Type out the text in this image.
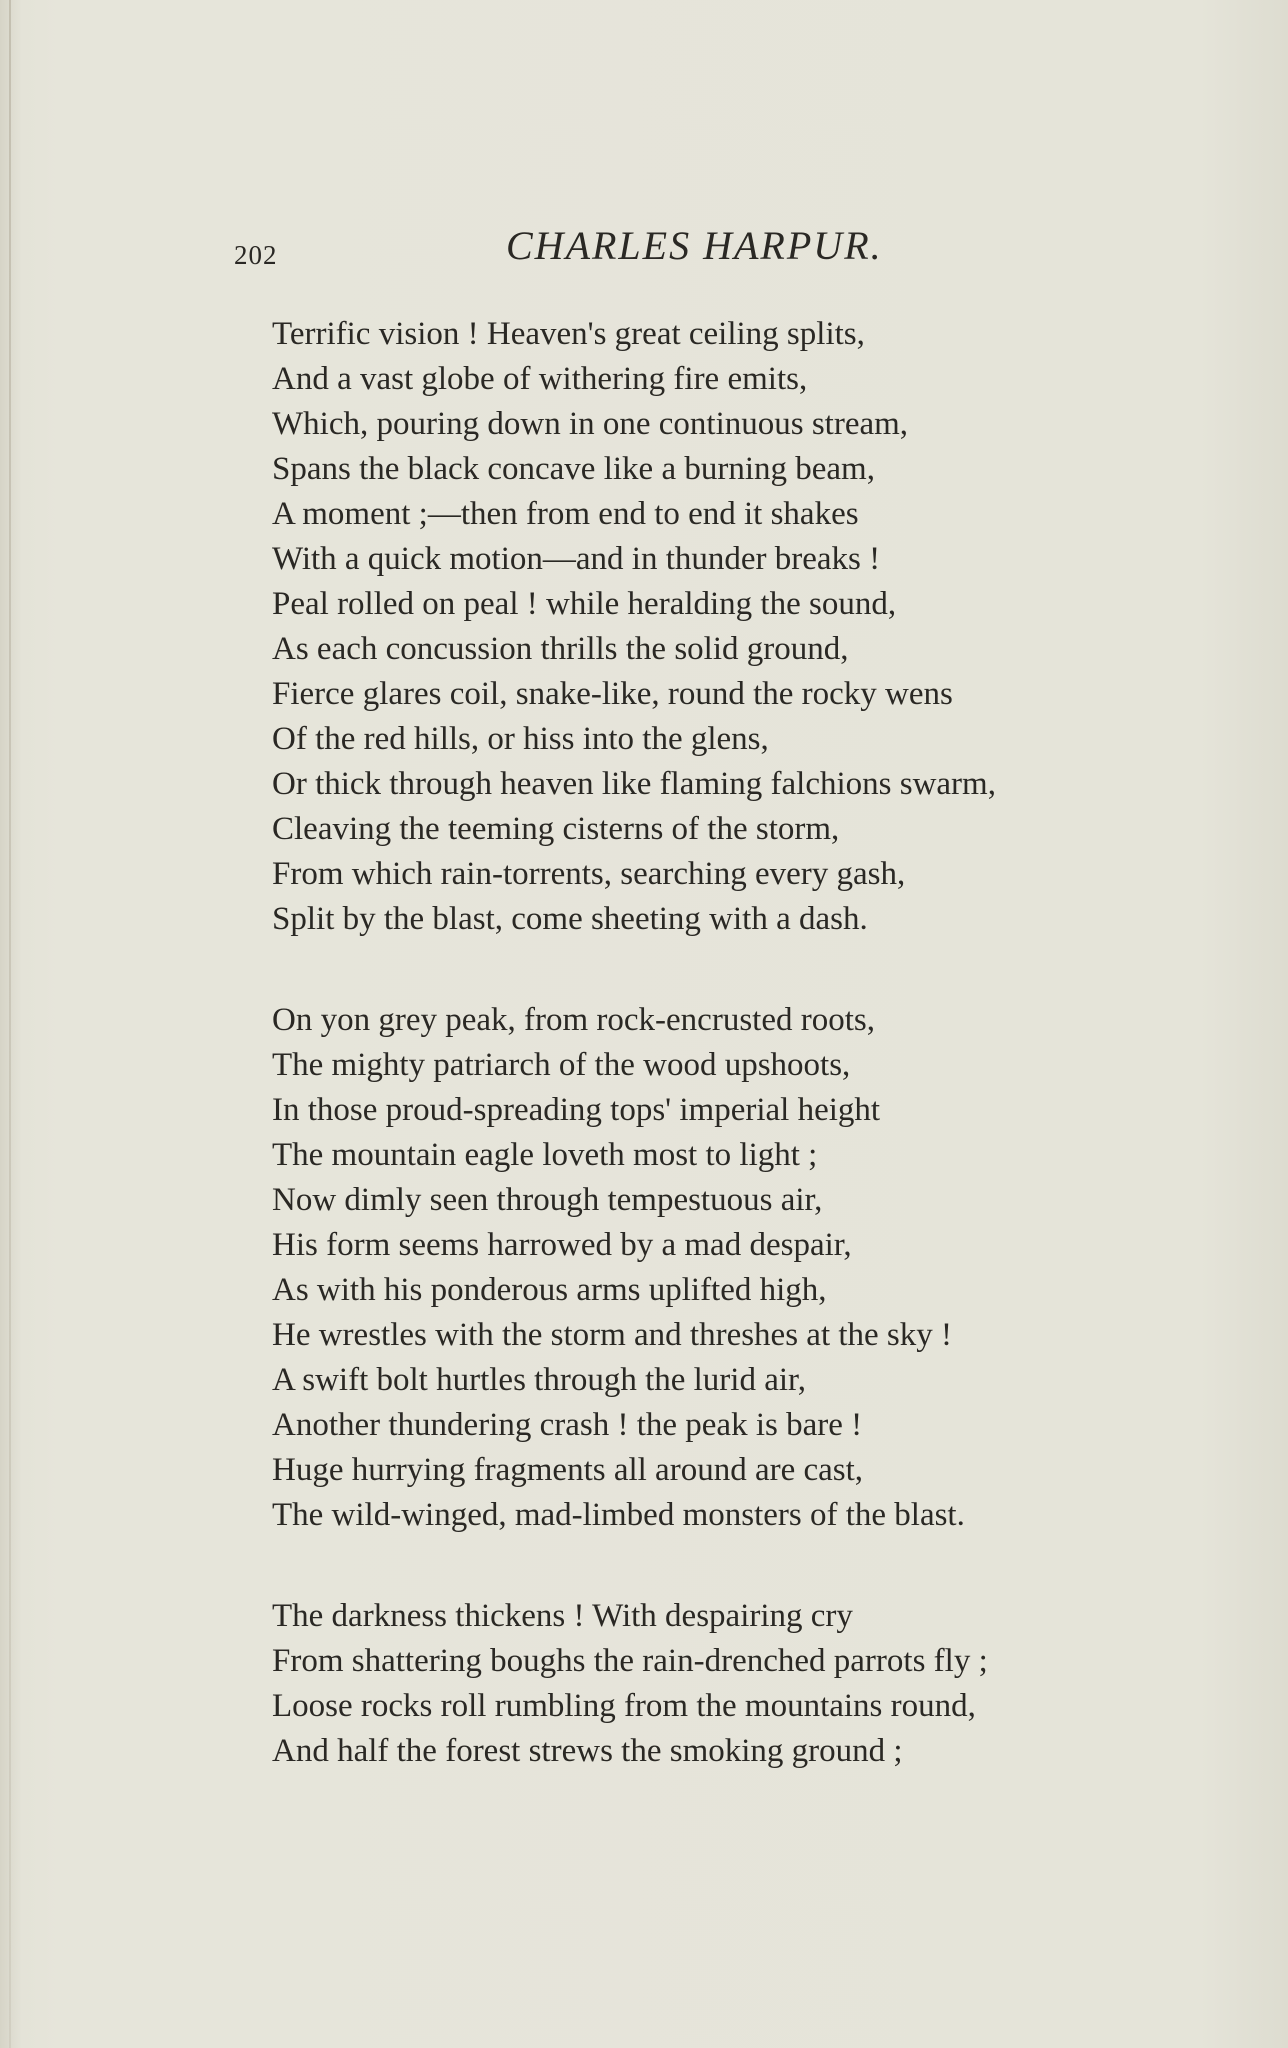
202	CHARLES HARPUR.
Terrific vision ! Heaven's great ceiling splits,
And a vast globe of withering fire emits,
Which, pouring down in one continuous stream,
Spans the black concave like a burning beam,
A moment ;—then from end to end it shakes
With a quick motion—and in thunder breaks !
Peal rolled on peal ! while heralding the sound,
As each concussion thrills the solid ground,
Fierce glares coil, snake-like, round the rocky wens
Of the red hills, or hiss into the glens,
Or thick through heaven like flaming falchions swarm,
Cleaving the teeming cisterns of the storm,
From which rain-torrents, searching every gash,
Split by the blast, come sheeting with a dash.
On yon grey peak, from rock-encrusted roots,
The mighty patriarch of the wood upshoots,
In those proud-spreading tops' imperial height
The mountain eagle loveth most to light ;
Now dimly seen through tempestuous air,
His form seems harrowed by a mad despair,
As with his ponderous arms uplifted high,
He wrestles with the storm and threshes at the sky !
A swift bolt hurtles through the lurid air,
Another thundering crash ! the peak is bare !
Huge hurrying fragments all around are cast,
The wild-winged, mad-limbed monsters of the blast.
The darkness thickens ! With despairing cry
From shattering boughs the rain-drenched parrots fly ;
Loose rocks roll rumbling from the mountains round,
And half the forest strews the smoking ground ;
